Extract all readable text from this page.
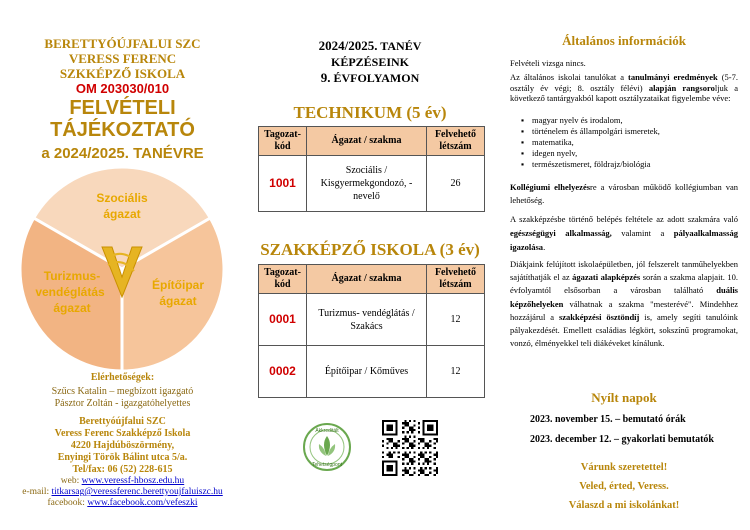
BERETTYÓÚJFALUI SZC
VERESS FERENC
SZKKÉPZŐ ISKOLA
OM 203030/010
FELVÉTELI
TÁJÉKOZTATÓ
a 2024/2025. TANÉVRE
Szociális
ágazat
Építőipar
ágazat
Turizmus-
vendéglátás
ágazat
Elérhetőségek:
Szűcs Katalin – megbízott igazgató
Pásztor Zoltán - igazgatóhelyettes
Berettyóújfalui SZC
Veress Ferenc Szakképző Iskola
4220 Hajdúböszörmény,
Enyingi Török Bálint utca 5/a.
Tel/fax: 06 (52) 228-615
web: www.veressf-hbosz.edu.hu
e-mail: titkarsag@veressferenc.berettyoujfaluiszc.hu
facebook: www.facebook.com/vefeszki
2024/2025. TANÉV
KÉPZÉSEINK
9. ÉVFOLYAMON
TECHNIKUM (5 év)
Tagozat-kód	Ágazat / szakma	Felvehető létszám
1001	Szociális / Kisgyermekgondozó, -nevelő	26
SZAKKÉPZŐ ISKOLA (3 év)
Tagozat-kód	Ágazat / szakma	Felvehető létszám
0001	Turizmus- vendéglátás / Szakács	12
0002	Építőipar / Kőműves	12
Akkreditált
Tehetségpont
Általános információk
Felvételi vizsga nincs.
Az általános iskolai tanulókat a tanulmányi eredmények (5-7. osztály év végi; 8. osztály félévi) alapján rangsoroljuk a következő tantárgyakból kapott osztályzataikat figyelembe véve:
▪ magyar nyelv és irodalom,
▪ történelem és állampolgári ismeretek,
▪ matematika,
▪ idegen nyelv,
▪ természetismeret, földrajz/biológia
Kollégiumi elhelyezésre a városban működő kollégiumban van lehetőség.
A szakképzésbe történő belépés feltétele az adott szakmára való egészségügyi alkalmasság, valamint a pályaalkalmasság igazolása.
Diákjaink felújított iskolaépületben, jól felszerelt tanműhelyekben sajátíthatják el az ágazati alapképzés során a szakma alapjait. 10. évfolyamtól elsősorban a városban található duális képzőhelyeken válhatnak a szakma "mesterévé". Mindehhez hozzájárul a szakképzési ösztöndíj is, amely segíti tanulóink pályakezdését. Emellett családias légkört, sokszínű programokat, vonzó, élményekkel teli diákéveket kínálunk.
Nyílt napok
2023. november 15. – bemutató órák
2023. december 12. – gyakorlati bemutatók
Várunk szeretettel!
Veled, érted, Veress.
Válaszd a mi iskolánkat!
